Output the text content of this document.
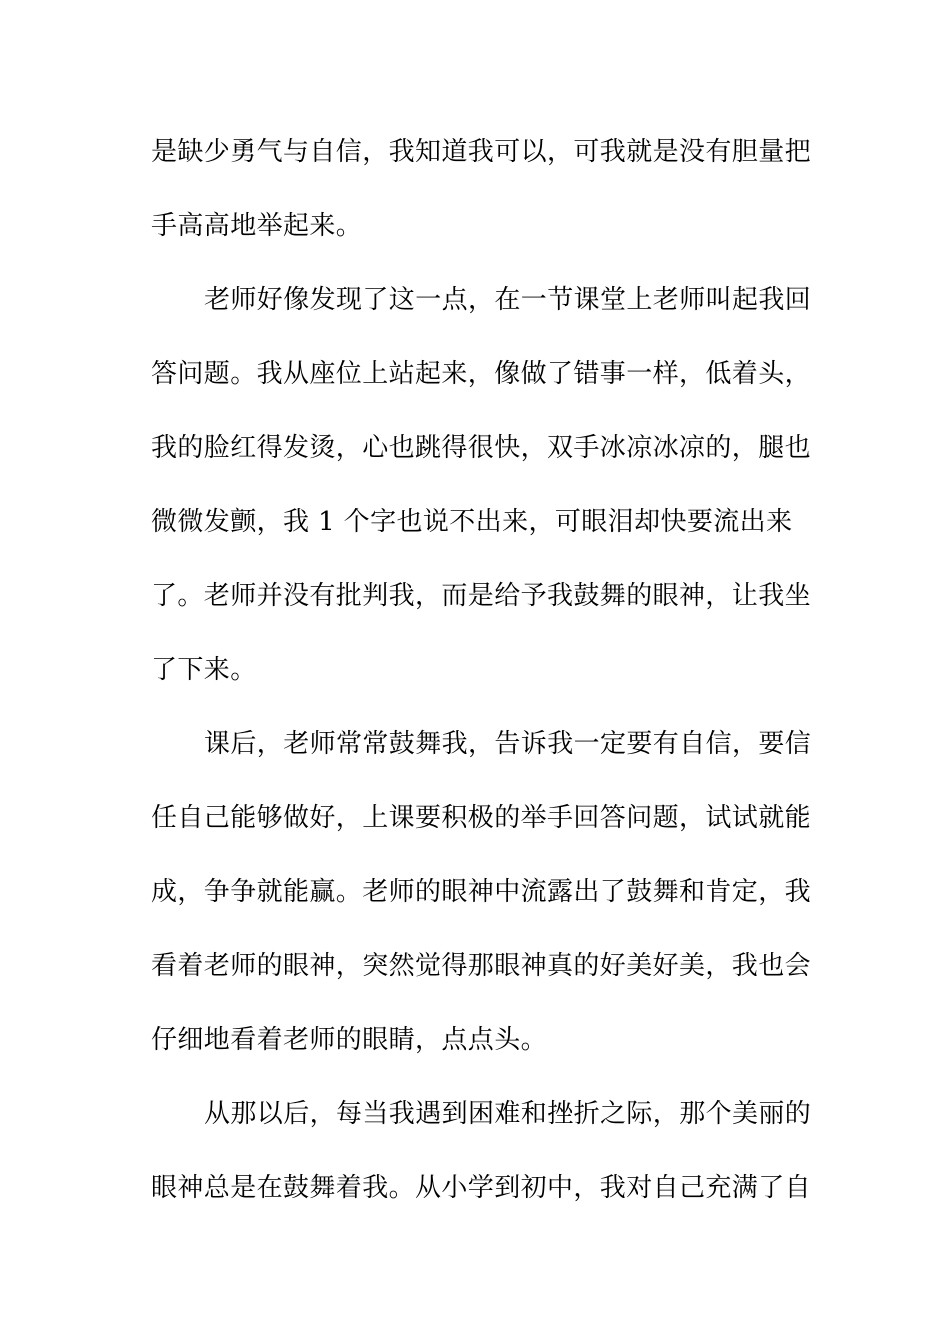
是缺少勇气与自信，我知道我可以，可我就是没有胆量把
手高高地举起来。
老师好像发现了这一点，在一节课堂上老师叫起我回
答问题。我从座位上站起来，像做了错事一样，低着头，
我的脸红得发烫，心也跳得很快，双手冰凉冰凉的，腿也
微微发颤，我 1 个字也说不出来，可眼泪却快要流出来
了。老师并没有批判我，而是给予我鼓舞的眼神，让我坐
了下来。
课后，老师常常鼓舞我，告诉我一定要有自信，要信
任自己能够做好，上课要积极的举手回答问题，试试就能
成，争争就能赢。老师的眼神中流露出了鼓舞和肯定，我
看着老师的眼神，突然觉得那眼神真的好美好美，我也会
仔细地看着老师的眼睛，点点头。
从那以后，每当我遇到困难和挫折之际，那个美丽的
眼神总是在鼓舞着我。从小学到初中，我对自己充满了自
